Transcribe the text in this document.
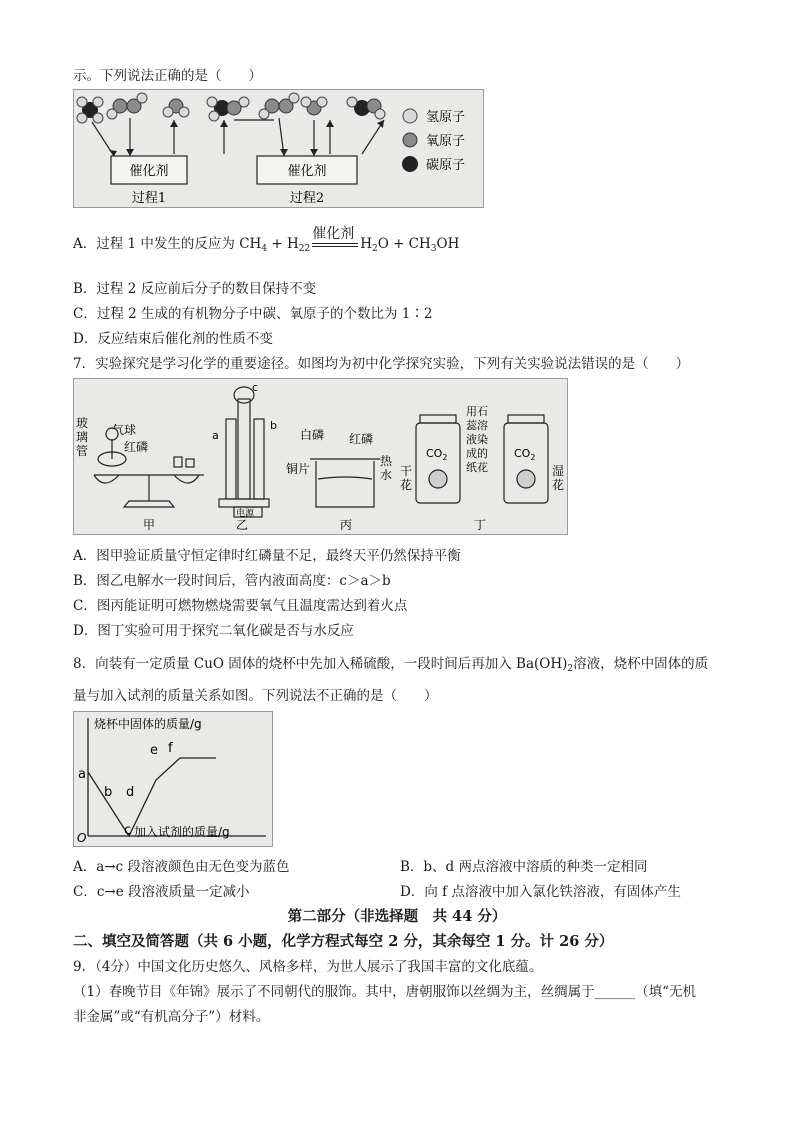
示。下列说法正确的是（　　）
催化剂	催化剂
过程1	过程2
氢原子
氧原子
碳原子
A．过程 1 中发生的反应为 $CH_4 + H_{22}$
催化剂
$H_2O + CH_3OH$
B．过程 2 反应前后分子的数目保持不变
C．过程 2 生成的有机物分子中碳、氧原子的个数比为 1∶2
D．反应结束后催化剂的性质不变
7．实验探究是学习化学的重要途径。如图均为初中化学探究实验，下列有关实验说法错误的是（　　）
玻璃管
气球
红磷
a
b
c
电源
白磷 红磷
铜片
热水
$CO_2$	$CO_2$
干花
湿花
用石蕊溶液染成的纸花
甲	乙	丙	丁
A．图甲验证质量守恒定律时红磷量不足，最终天平仍然保持平衡
B．图乙电解水一段时间后，管内液面高度：c＞a＞b
C．图丙能证明可燃物燃烧需要氧气且温度需达到着火点
D．图丁实验可用于探究二氧化碳是否与水反应
8．向装有一定质量 CuO 固体的烧杯中先加入稀硫酸，一段时间后再加入 $Ba(OH)_2$溶液，烧杯中固体的质
量与加入试剂的质量关系如图。下列说法不正确的是（　　）
烧杯中固体的质量/g
加入试剂的质量/g
O
a
b
c
d
e f
A．a→c 段溶液颜色由无色变为蓝色	B．b、d 两点溶液中溶质的种类一定相同
C．c→e 段溶液质量一定减小	D．向 f 点溶液中加入氯化铁溶液，有固体产生
第二部分（非选择题　共 44 分）
二、填空及简答题（共 6 小题，化学方程式每空 2 分，其余每空 1 分。计 26 分）
9．（4分）中国文化历史悠久、风格多样，为世人展示了我国丰富的文化底蕴。
（1）春晚节目《年锦》展示了不同朝代的服饰。其中，唐朝服饰以丝绸为主，丝绸属于______（填“无机
非金属”或“有机高分子”）材料。
